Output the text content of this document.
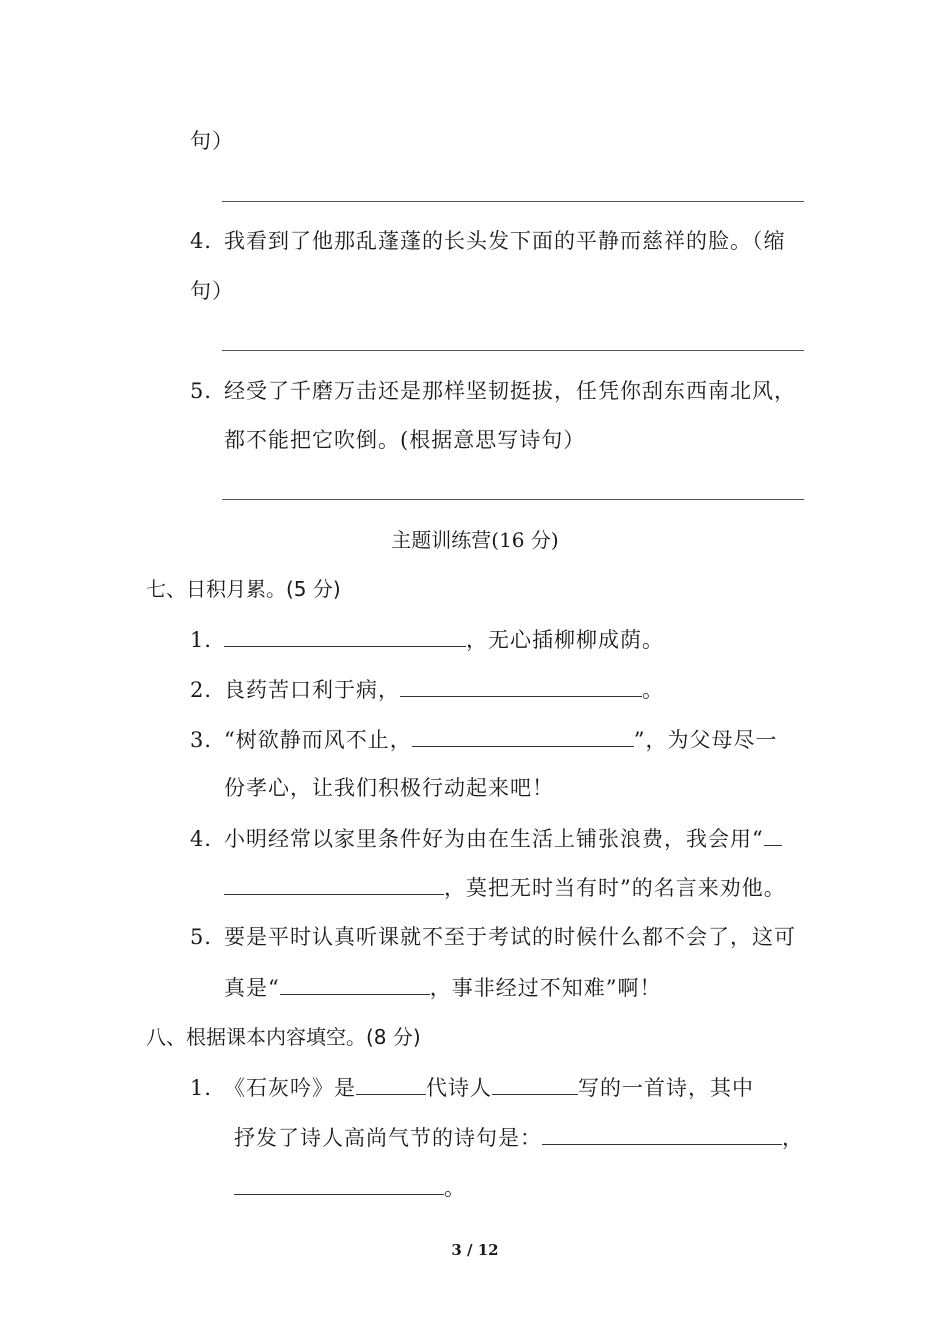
句）
4．我看到了他那乱蓬蓬的长头发下面的平静而慈祥的脸。（缩
句）
5．经受了千磨万击还是那样坚韧挺拔，任凭你刮东西南北风，
都不能把它吹倒。(根据意思写诗句）
主题训练营(16 分)
七、日积月累。(5 分)
1．	，无心插柳柳成荫。
2．良药苦口利于病，	。
3．“树欲静而风不止，	”，为父母尽一
份孝心，让我们积极行动起来吧！
4．小明经常以家里条件好为由在生活上铺张浪费，我会用“
，莫把无时当有时”的名言来劝他。
5．要是平时认真听课就不至于考试的时候什么都不会了，这可
真是“	，事非经过不知难”啊！
八、根据课本内容填空。(8 分)
1．《石灰吟》是	代诗人	写的一首诗，其中
抒发了诗人高尚气节的诗句是：	，
。
3 / 12
